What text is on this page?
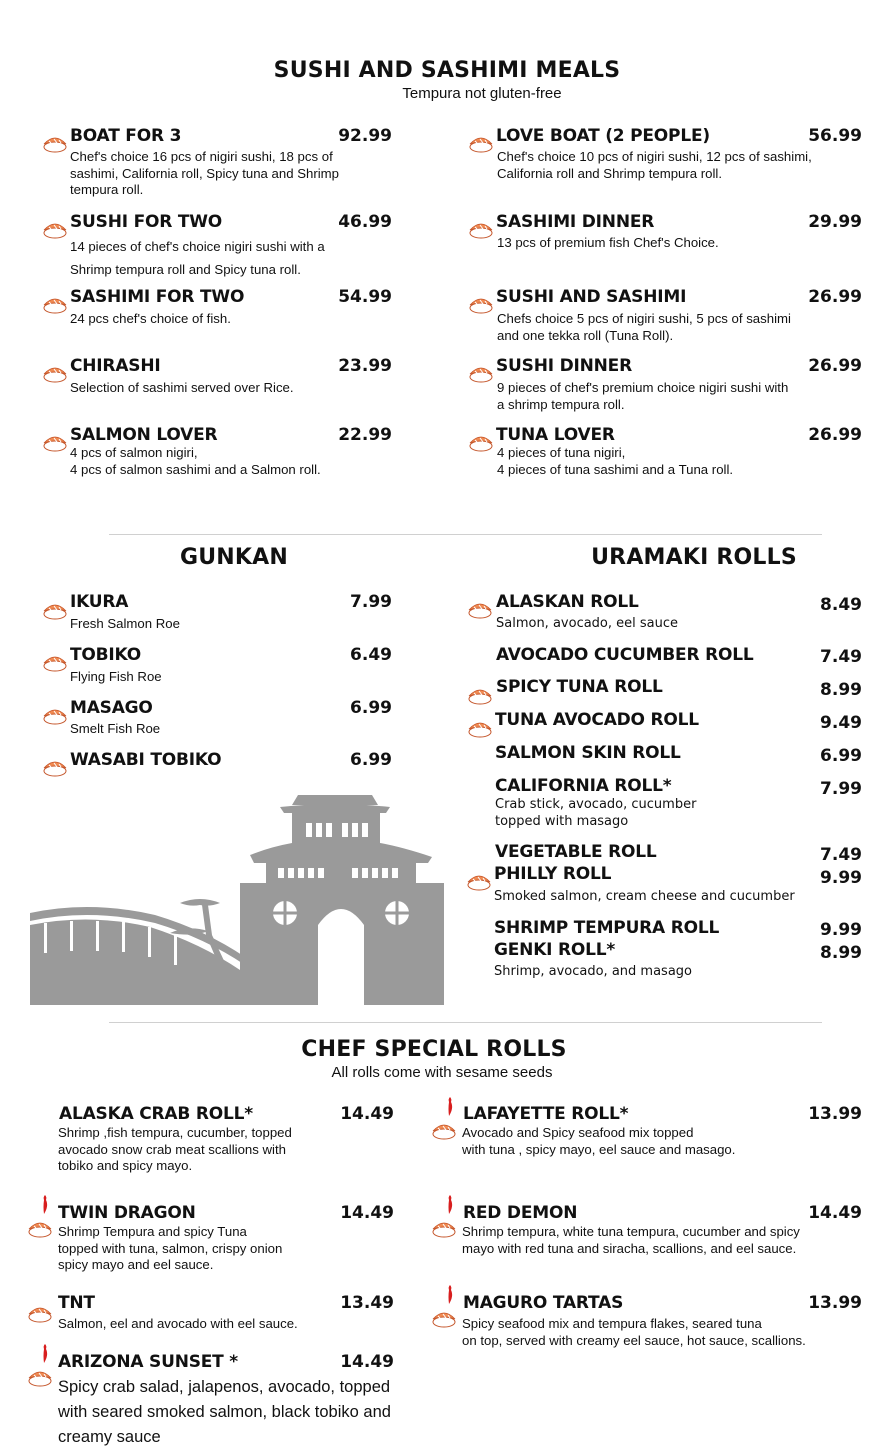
SUSHI AND SASHIMI MEALS
Tempura not gluten-free
BOAT FOR 3	92.99
Chef's choice 16 pcs of nigiri sushi, 18 pcs of
sashimi, California roll, Spicy tuna and Shrimp
tempura roll.
SUSHI FOR TWO	46.99
14 pieces of chef's choice nigiri sushi with a
Shrimp tempura roll and Spicy tuna roll.
SASHIMI FOR TWO	54.99
24 pcs chef's choice of fish.
CHIRASHI	23.99
Selection of sashimi served over Rice.
SALMON LOVER	22.99
4 pcs of salmon nigiri,
4 pcs of salmon sashimi and a Salmon roll.
LOVE BOAT (2 PEOPLE)	56.99
Chef's choice 10 pcs of nigiri sushi, 12 pcs of sashimi,
California roll and Shrimp tempura roll.
SASHIMI DINNER	29.99
13 pcs of premium fish Chef's Choice.
SUSHI AND SASHIMI	26.99
Chefs choice 5 pcs of nigiri sushi, 5 pcs of sashimi
and one tekka roll (Tuna Roll).
SUSHI DINNER	26.99
9 pieces of chef's premium choice nigiri sushi with
a shrimp tempura roll.
TUNA LOVER	26.99
4 pieces of tuna nigiri,
4 pieces of tuna sashimi and a Tuna roll.
GUNKAN
IKURA	7.99
Fresh Salmon Roe
TOBIKO	6.49
Flying Fish Roe
MASAGO	6.99
Smelt Fish Roe
WASABI TOBIKO	6.99
URAMAKI ROLLS
ALASKAN ROLL	8.49
Salmon, avocado, eel sauce
AVOCADO CUCUMBER ROLL	7.49
SPICY TUNA ROLL	8.99
TUNA AVOCADO ROLL	9.49
SALMON SKIN ROLL	6.99
CALIFORNIA ROLL*	7.99
Crab stick, avocado, cucumber
topped with masago
VEGETABLE ROLL	7.49
PHILLY ROLL	9.99
Smoked salmon, cream cheese and cucumber
SHRIMP TEMPURA ROLL	9.99
GENKI ROLL*	8.99
Shrimp, avocado, and masago
CHEF SPECIAL ROLLS
All rolls come with sesame seeds
ALASKA CRAB ROLL*	14.49
Shrimp ,fish tempura, cucumber, topped
avocado snow crab meat scallions with
tobiko and spicy mayo.
TWIN DRAGON	14.49
Shrimp Tempura and spicy Tuna
topped with tuna, salmon, crispy onion
spicy mayo and eel sauce.
TNT	13.49
Salmon, eel and avocado with eel sauce.
ARIZONA SUNSET *	14.49
Spicy crab salad, jalapenos, avocado, topped
with seared smoked salmon, black tobiko and
creamy sauce
LAFAYETTE ROLL*	13.99
Avocado and Spicy seafood mix topped
with tuna , spicy mayo, eel sauce and masago.
RED DEMON	14.49
Shrimp tempura, white tuna tempura, cucumber and spicy
mayo with red tuna and siracha, scallions, and eel sauce.
MAGURO TARTAS	13.99
Spicy seafood mix and tempura flakes, seared tuna
on top, served with creamy eel sauce, hot sauce, scallions.
